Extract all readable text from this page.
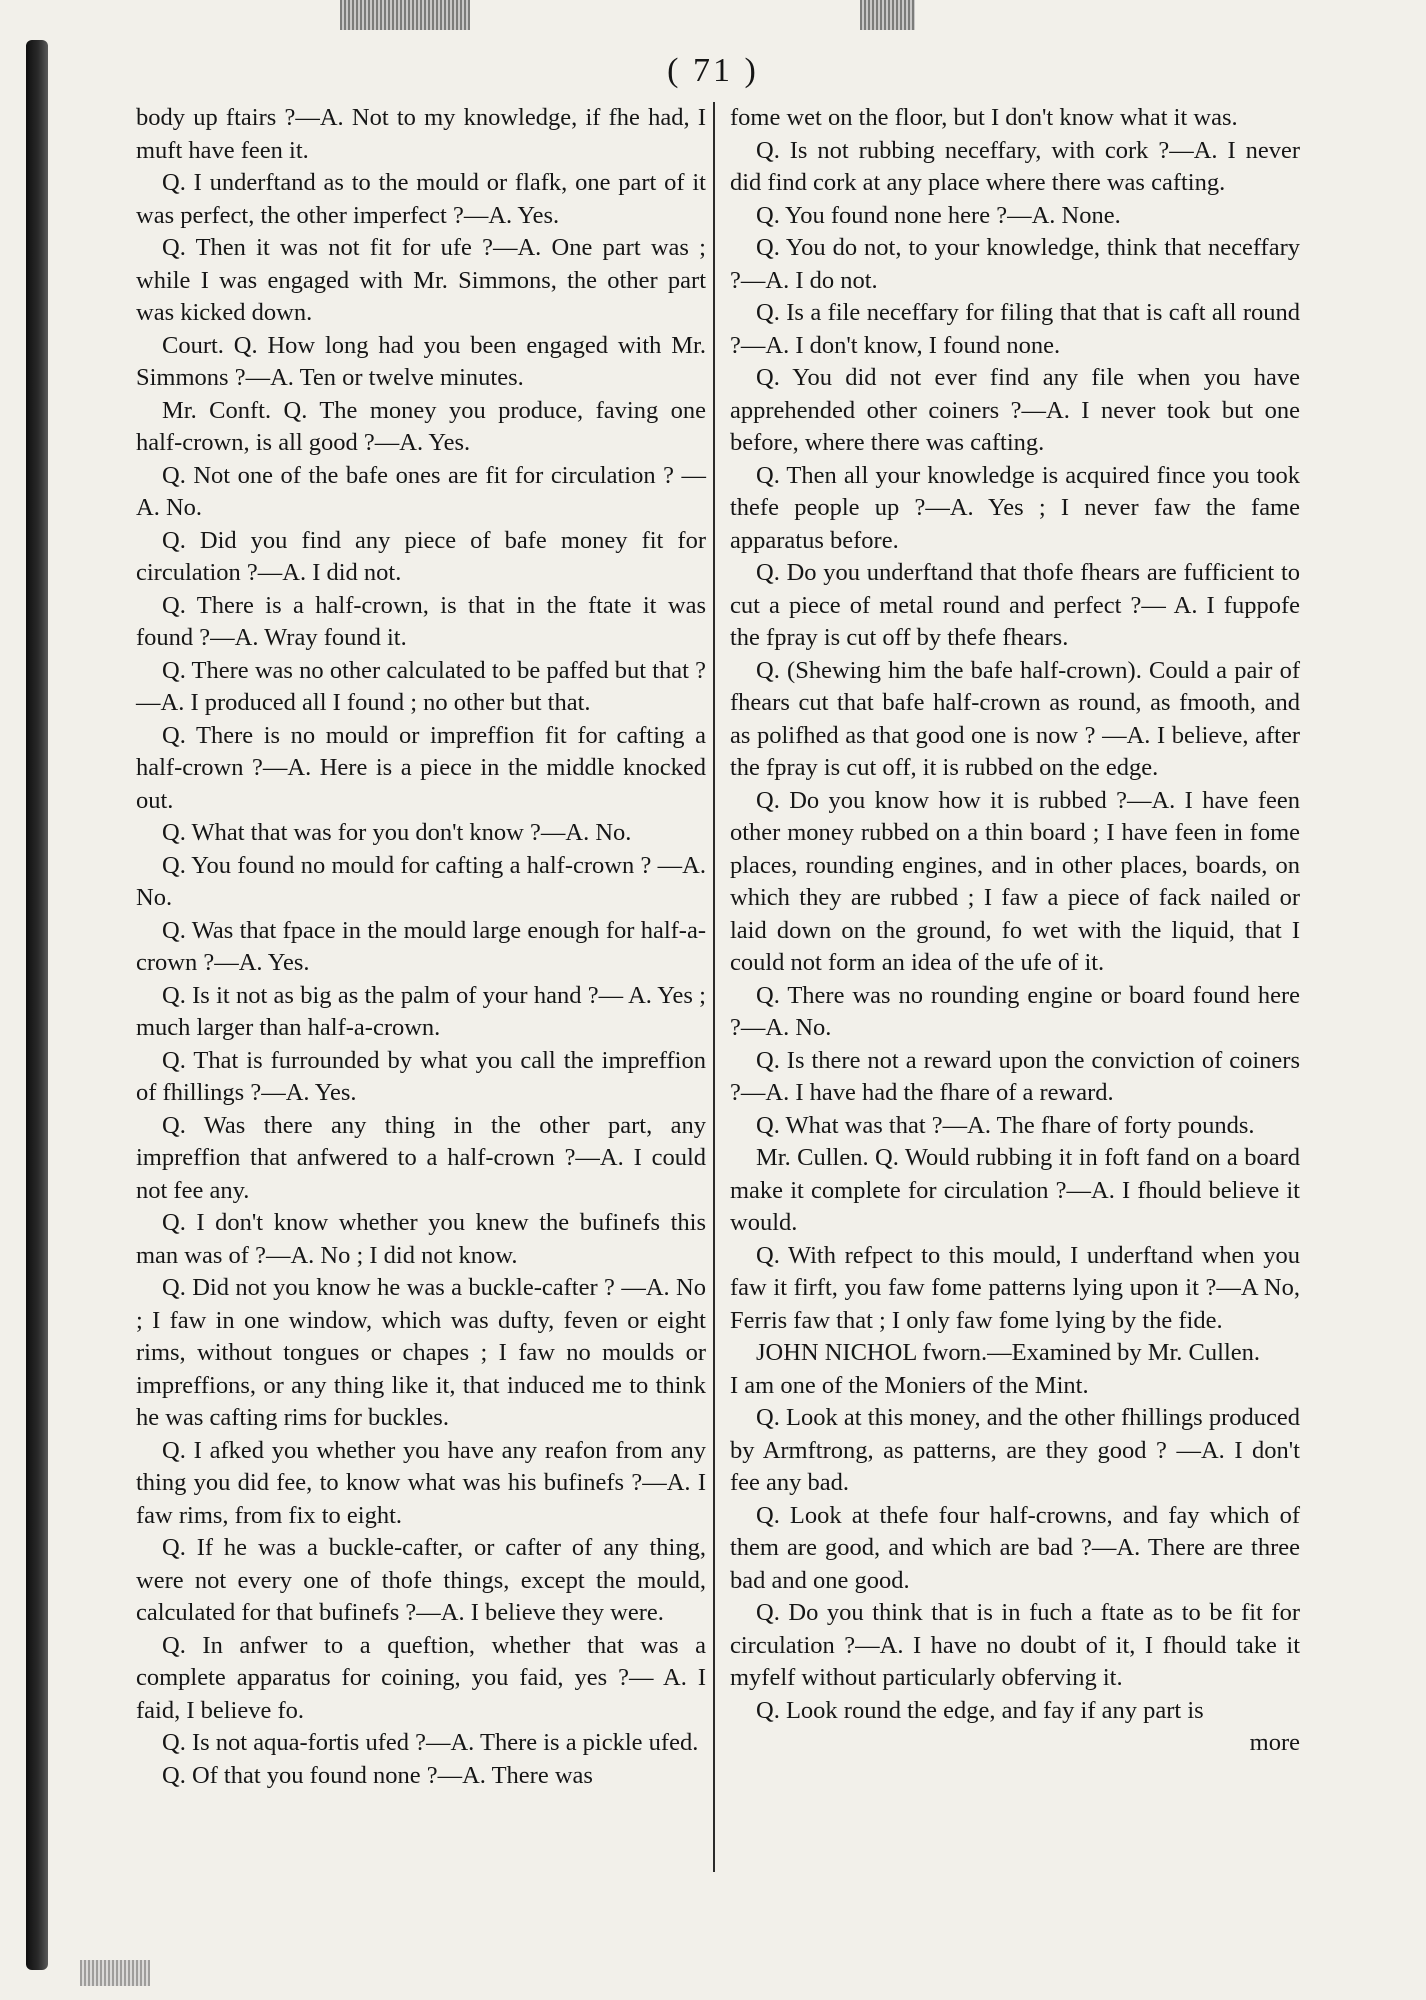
( 71 )

body up ftairs ?—A. Not to my knowledge, if fhe had, I muft have feen it.

Q. I underftand as to the mould or flafk, one part of it was perfect, the other imperfect ?—A. Yes.

Q. Then it was not fit for ufe ?—A. One part was ; while I was engaged with Mr. Simmons, the other part was kicked down.

Court. Q. How long had you been engaged with Mr. Simmons ?—A. Ten or twelve minutes.

Mr. Conft. Q. The money you produce, faving one half-crown, is all good ?—A. Yes.

Q. Not one of the bafe ones are fit for circulation ? —A. No.

Q. Did you find any piece of bafe money fit for circulation ?—A. I did not.

Q. There is a half-crown, is that in the ftate it was found ?—A. Wray found it.

Q. There was no other calculated to be paffed but that ?—A. I produced all I found ; no other but that.

Q. There is no mould or impreffion fit for cafting a half-crown ?—A. Here is a piece in the middle knocked out.

Q. What that was for you don't know ?—A. No.

Q. You found no mould for cafting a half-crown ? —A. No.

Q. Was that fpace in the mould large enough for half-a-crown ?—A. Yes.

Q. Is it not as big as the palm of your hand ?— A. Yes ; much larger than half-a-crown.

Q. That is furrounded by what you call the impreffion of fhillings ?—A. Yes.

Q. Was there any thing in the other part, any impreffion that anfwered to a half-crown ?—A. I could not fee any.

Q. I don't know whether you knew the bufinefs this man was of ?—A. No ; I did not know.

Q. Did not you know he was a buckle-cafter ? —A. No ; I faw in one window, which was dufty, feven or eight rims, without tongues or chapes ; I faw no moulds or impreffions, or any thing like it, that induced me to think he was cafting rims for buckles.

Q. I afked you whether you have any reafon from any thing you did fee, to know what was his bufinefs ?—A. I faw rims, from fix to eight.

Q. If he was a buckle-cafter, or cafter of any thing, were not every one of thofe things, except the mould, calculated for that bufinefs ?—A. I believe they were.

Q. In anfwer to a queftion, whether that was a complete apparatus for coining, you faid, yes ?— A. I faid, I believe fo.

Q. Is not aqua-fortis ufed ?—A. There is a pickle ufed.

Q. Of that you found none ?—A. There was

fome wet on the floor, but I don't know what it was.

Q. Is not rubbing neceffary, with cork ?—A. I never did find cork at any place where there was cafting.

Q. You found none here ?—A. None.

Q. You do not, to your knowledge, think that neceffary ?—A. I do not.

Q. Is a file neceffary for filing that that is caft all round ?—A. I don't know, I found none.

Q. You did not ever find any file when you have apprehended other coiners ?—A. I never took but one before, where there was cafting.

Q. Then all your knowledge is acquired fince you took thefe people up ?—A. Yes ; I never faw the fame apparatus before.

Q. Do you underftand that thofe fhears are fufficient to cut a piece of metal round and perfect ?— A. I fuppofe the fpray is cut off by thefe fhears.

Q. (Shewing him the bafe half-crown). Could a pair of fhears cut that bafe half-crown as round, as fmooth, and as polifhed as that good one is now ? —A. I believe, after the fpray is cut off, it is rubbed on the edge.

Q. Do you know how it is rubbed ?—A. I have feen other money rubbed on a thin board ; I have feen in fome places, rounding engines, and in other places, boards, on which they are rubbed ; I faw a piece of fack nailed or laid down on the ground, fo wet with the liquid, that I could not form an idea of the ufe of it.

Q. There was no rounding engine or board found here ?—A. No.

Q. Is there not a reward upon the conviction of coiners ?—A. I have had the fhare of a reward.

Q. What was that ?—A. The fhare of forty pounds.

Mr. Cullen. Q. Would rubbing it in foft fand on a board make it complete for circulation ?—A. I fhould believe it would.

Q. With refpect to this mould, I underftand when you faw it firft, you faw fome patterns lying upon it ?—A No, Ferris faw that ; I only faw fome lying by the fide.

JOHN NICHOL fworn.—Examined by Mr. Cullen.

I am one of the Moniers of the Mint.

Q. Look at this money, and the other fhillings produced by Armftrong, as patterns, are they good ? —A. I don't fee any bad.

Q. Look at thefe four half-crowns, and fay which of them are good, and which are bad ?—A. There are three bad and one good.

Q. Do you think that is in fuch a ftate as to be fit for circulation ?—A. I have no doubt of it, I fhould take it myfelf without particularly obferving it.

Q. Look round the edge, and fay if any part is

more
